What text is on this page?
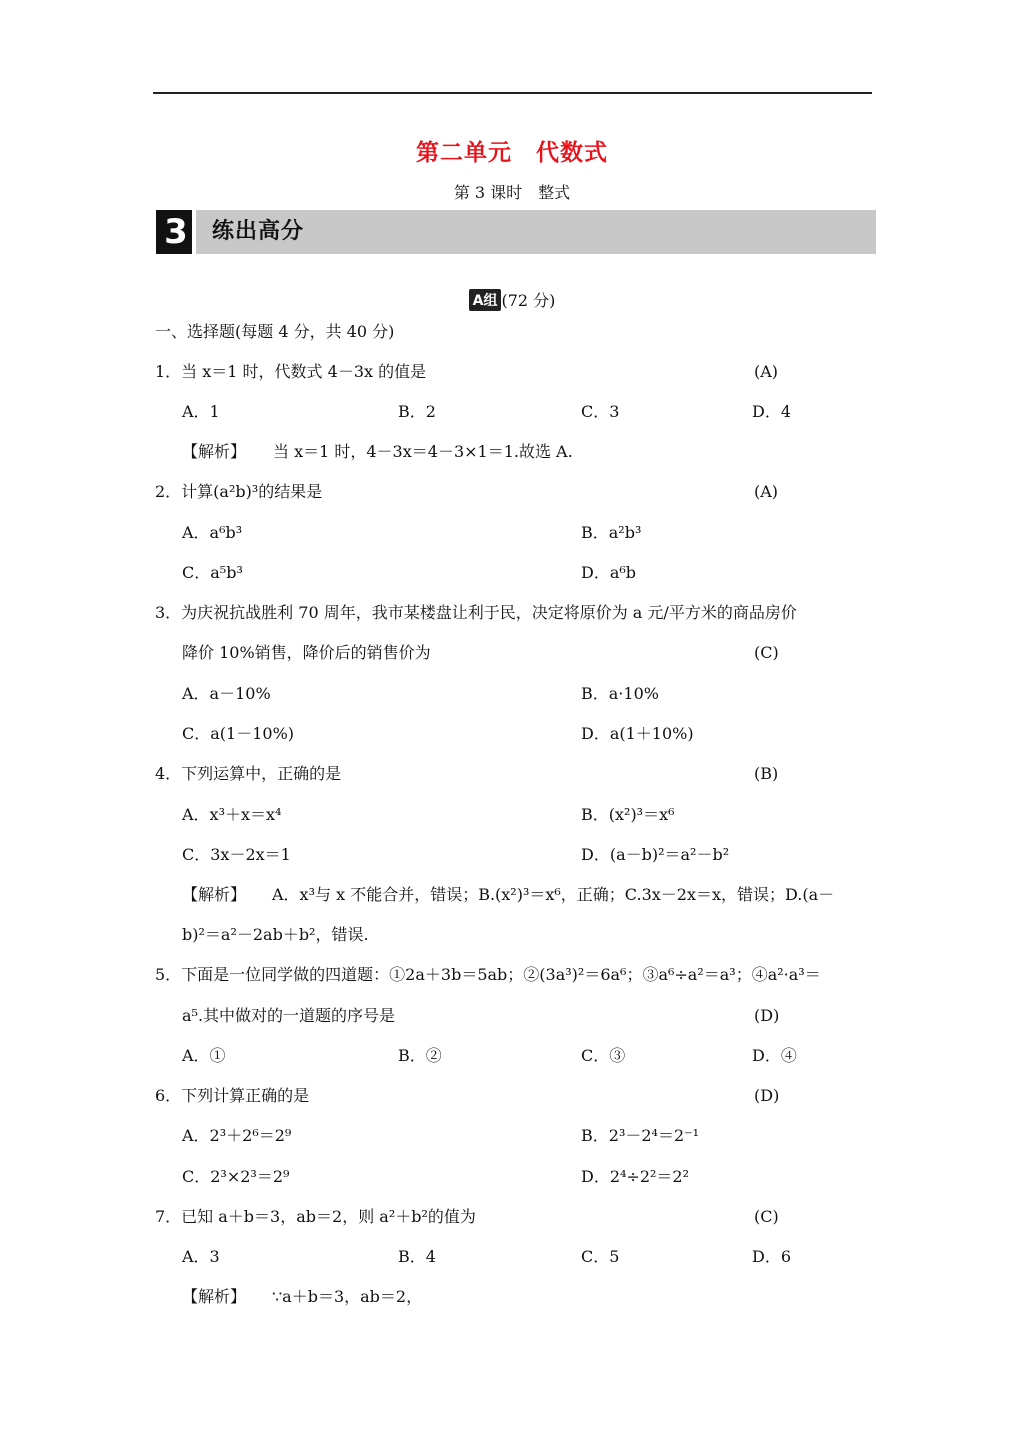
第二单元　代数式
第 3 课时　整式
3	练出高分
A组 (72 分)
一、选择题(每题 4 分，共 40 分)
1．当 x＝1 时，代数式 4－3x 的值是	(A)
A．1	B．2	C．3	D．4
【解析】 当 x＝1 时，4－3x＝4－3×1＝1.故选 A.
2．计算(a²b)³的结果是	(A)
A．a⁶b³	B．a²b³
C．a⁵b³	D．a⁶b
3．为庆祝抗战胜利 70 周年，我市某楼盘让利于民，决定将原价为 a 元/平方米的商品房价
降价 10%销售，降价后的销售价为	(C)
A．a－10%	B．a·10%
C．a(1－10%)	D．a(1＋10%)
4．下列运算中，正确的是	(B)
A．x³＋x＝x⁴	B．(x²)³＝x⁶
C．3x－2x＝1	D．(a－b)²＝a²－b²
【解析】 A．x³与 x 不能合并，错误；B.(x²)³＝x⁶，正确；C.3x－2x＝x，错误；D.(a－
b)²＝a²－2ab＋b²，错误.
5．下面是一位同学做的四道题：①2a＋3b＝5ab；②(3a³)²＝6a⁶；③a⁶÷a²＝a³；④a²·a³＝
a⁵.其中做对的一道题的序号是	(D)
A．①	B．②	C．③	D．④
6．下列计算正确的是	(D)
A．2³＋2⁶＝2⁹	B．2³－2⁴＝2⁻¹
C．2³×2³＝2⁹	D．2⁴÷2²＝2²
7．已知 a＋b＝3，ab＝2，则 a²＋b²的值为	(C)
A．3	B．4	C．5	D．6
【解析】 ∵a＋b＝3，ab＝2，
